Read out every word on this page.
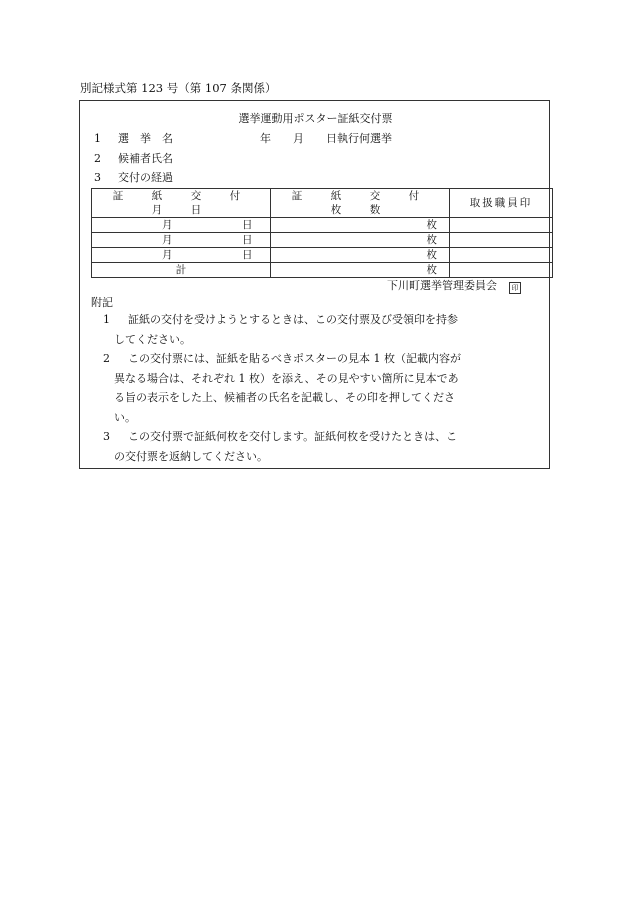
別記様式第 123 号（第 107 条関係）
選挙運動用ポスター証紙交付票
1 選　挙　名	　　　年　　月　　日執行何選挙
2 候補者氏名
3 交付の経過
証　紙　交　付　月　日	証　紙　交　付　枚　数	取扱職員印

月 日	枚	

月 日	枚	

月 日	枚	
計	枚	
下川町選挙管理委員会 印
附記
1	証紙の交付を受けようとするときは、この交付票及び受領印を持参

してください。

2	この交付票には、証紙を貼るべきポスターの見本 1 枚（記載内容が

異なる場合は、それぞれ 1 枚）を添え、その見やすい箇所に見本であ

る旨の表示をした上、候補者の氏名を記載し、その印を押してくださ

い。

3	この交付票で証紙何枚を交付します。証紙何枚を受けたときは、こ

の交付票を返納してください。
